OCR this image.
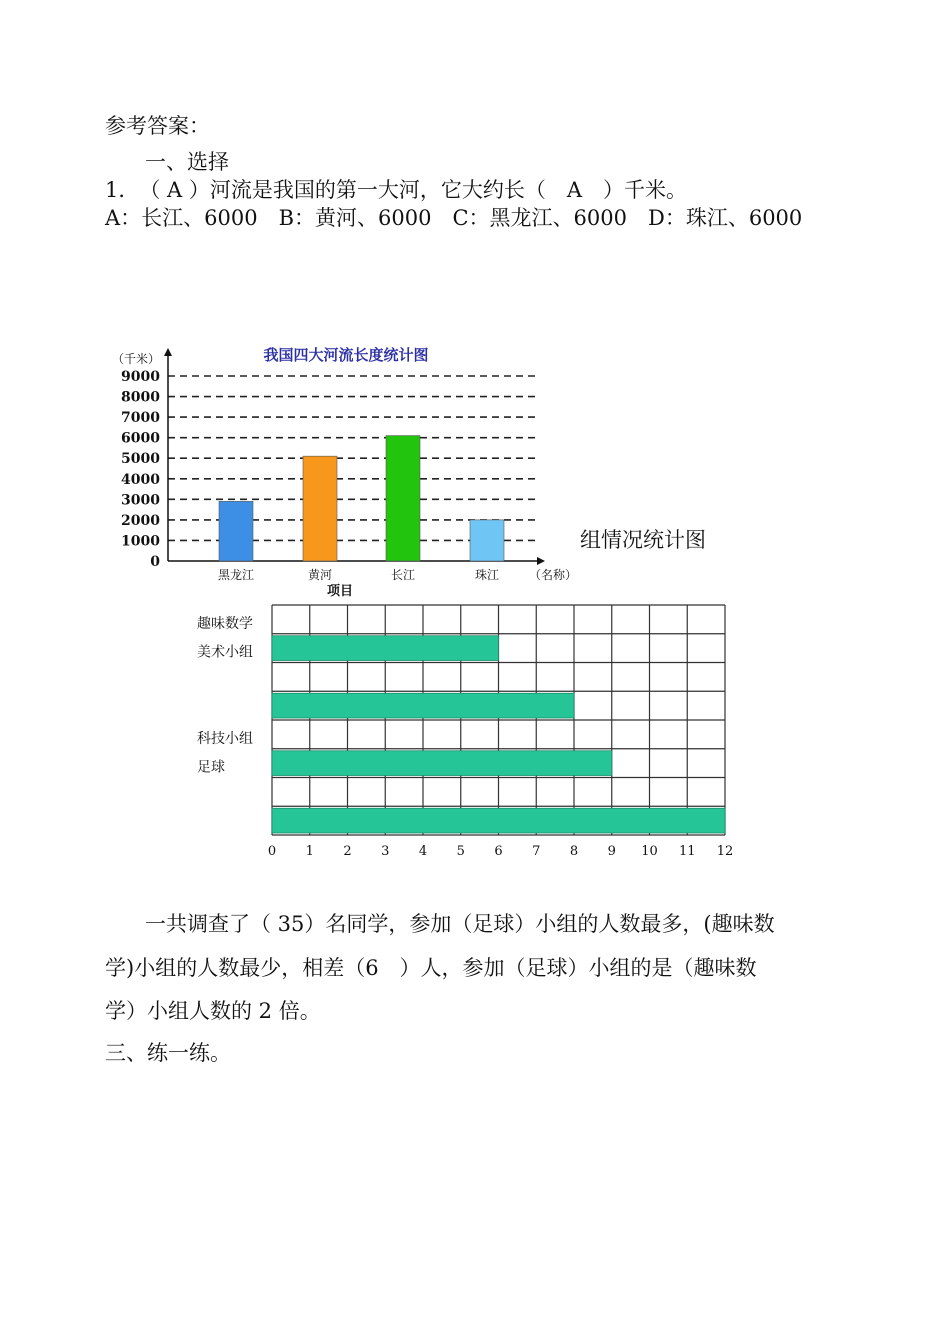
参考答案：
一、选择
1．　（ A ）河流是我国的第一大河，它大约长（　A　）千米。
A：长江、6000　B：黄河、6000　C：黑龙江、6000　D：珠江、6000
0
1000
2000
3000
4000
5000
6000
7000
8000
9000
黑龙江	黄河	长江	珠江
我国四大河流长度统计图
（千米）
（名称）
组情况统计图
趣味数学
美术小组
科技小组
足球
0 1 2 3 4 5 6 7 8 9 10 11 12
项目
一共调查了（ 35）名同学，参加（足球）小组的人数最多，(趣味数
学)小组的人数最少，相差（6　）人，参加（足球）小组的是（趣味数
学）小组人数的 2 倍。
三、练一练。
